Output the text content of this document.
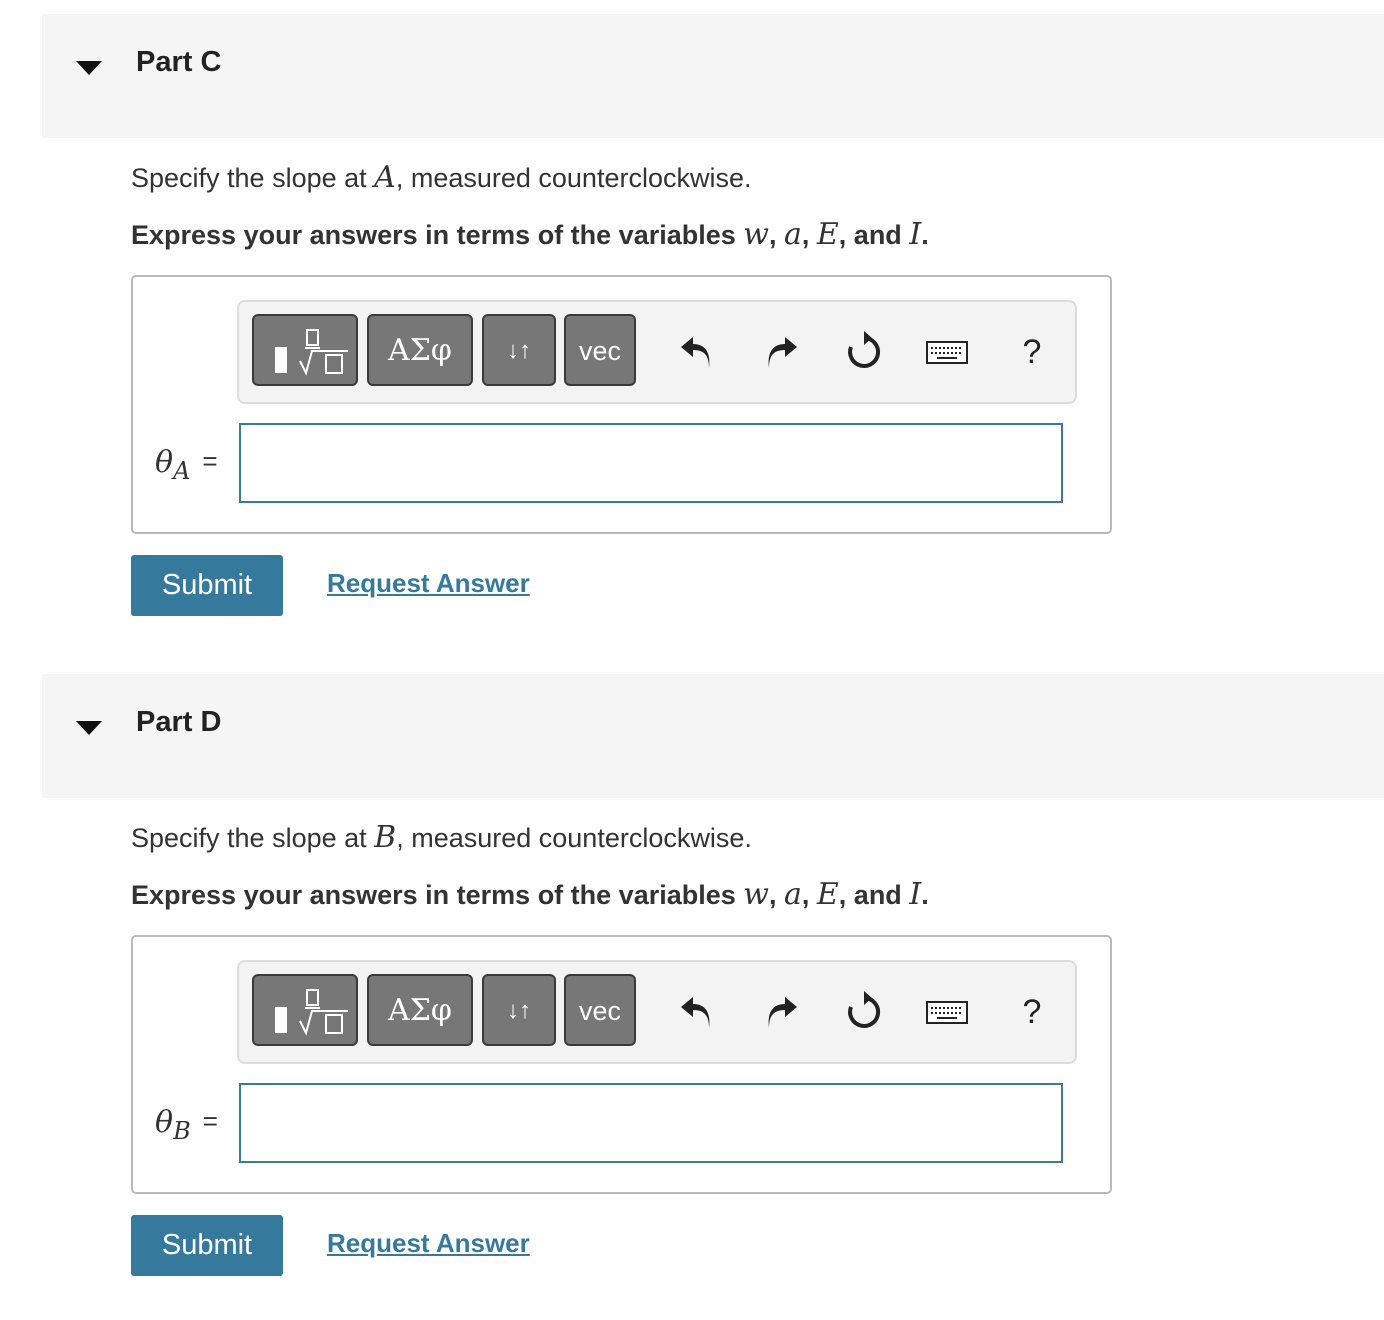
Part C
Specify the slope at A, measured counterclockwise.
Express your answers in terms of the variables w, a, E, and I.
ΑΣφ	↓↑	vec	?
$\theta_A$ =
Submit	Request Answer
Part D
Specify the slope at B, measured counterclockwise.
Express your answers in terms of the variables w, a, E, and I.
ΑΣφ	↓↑	vec	?
$\theta_B$ =
Submit	Request Answer
